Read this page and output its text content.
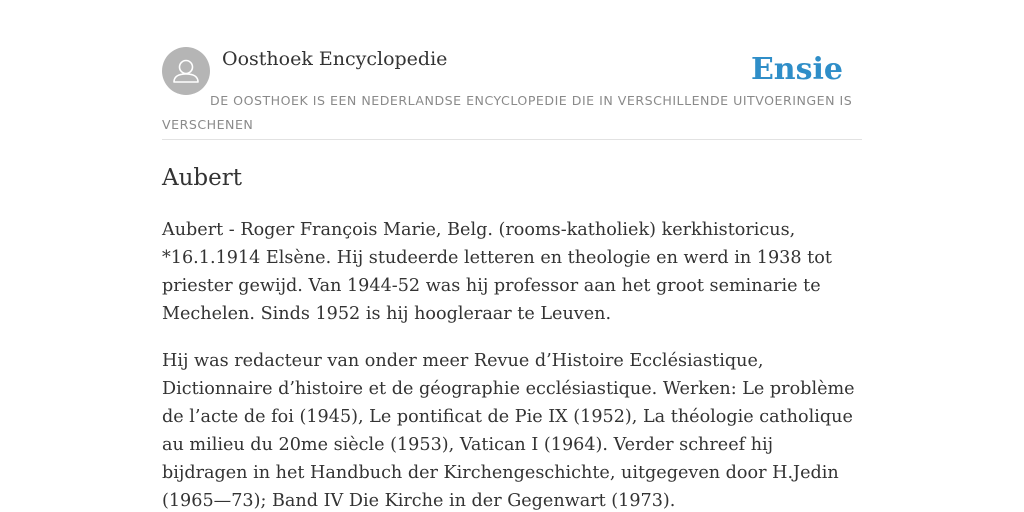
Oosthoek Encyclopedie	Ensie

DE OOSTHOEK IS EEN NEDERLANDSE ENCYCLOPEDIE DIE IN VERSCHILLENDE UITVOERINGEN IS VERSCHENEN

Aubert

Aubert - Roger François Marie, Belg. (rooms-katholiek) kerkhistoricus, *16.1.1914 Elsène. Hij studeerde letteren en theologie en werd in 1938 tot priester gewijd. Van 1944-52 was hij professor aan het groot seminarie te Mechelen. Sinds 1952 is hij hoogleraar te Leuven.

Hij was redacteur van onder meer Revue d’Histoire Ecclésiastique, Dictionnaire d’histoire et de géographie ecclésiastique. Werken: Le problème de l’acte de foi (1945), Le pontificat de Pie IX (1952), La théologie catholique au milieu du 20me siècle (1953), Vatican I (1964). Verder schreef hij bijdragen in het Handbuch der Kirchengeschichte, uitgegeven door H.Jedin (1965—73); Band IV Die Kirche in der Gegenwart (1973).
